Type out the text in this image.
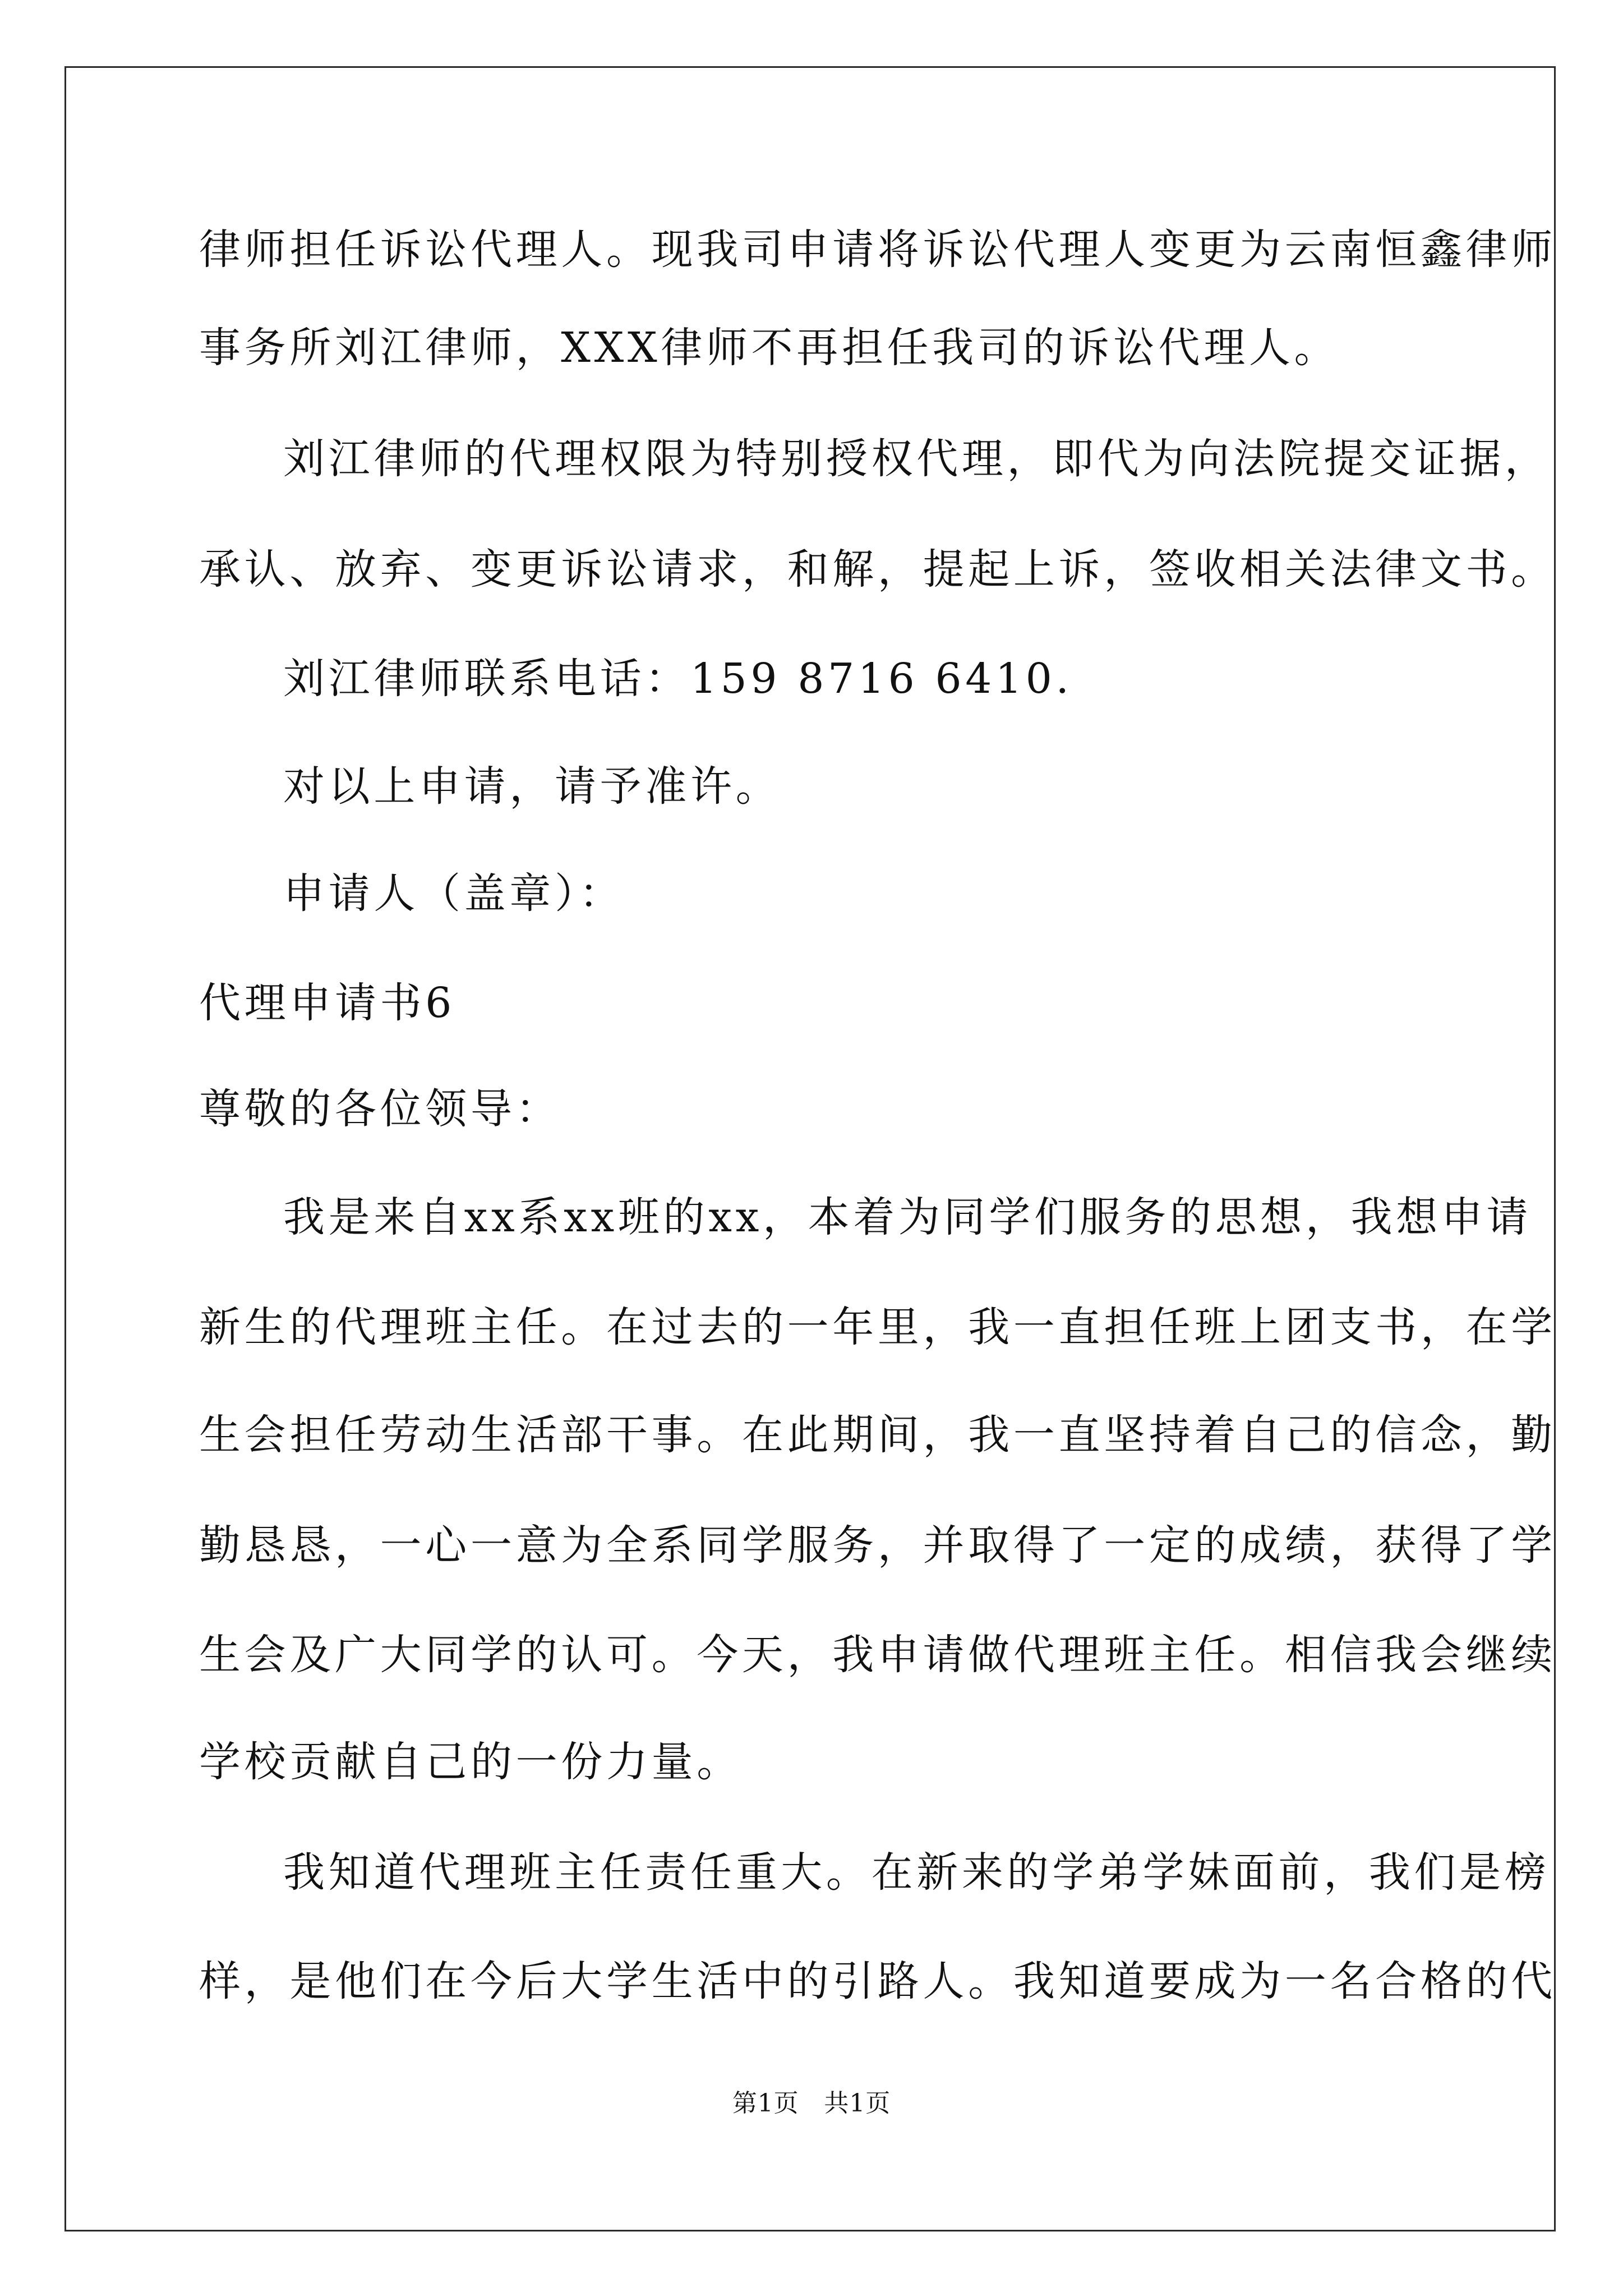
律师担任诉讼代理人。现我司申请将诉讼代理人变更为云南恒鑫律师
事务所刘江律师，XXX律师不再担任我司的诉讼代理人。
刘江律师的代理权限为特别授权代理，即代为向法院提交证据，
承认、放弃、变更诉讼请求，和解，提起上诉，签收相关法律文书。
刘江律师联系电话：159 8716 6410.
对以上申请，请予准许。
申请人（盖章）：
代理申请书6
尊敬的各位领导：
我是来自xx系xx班的xx，本着为同学们服务的思想，我想申请
新生的代理班主任。在过去的一年里，我一直担任班上团支书，在学
生会担任劳动生活部干事。在此期间，我一直坚持着自己的信念，勤
勤恳恳，一心一意为全系同学服务，并取得了一定的成绩，获得了学
生会及广大同学的认可。今天，我申请做代理班主任。相信我会继续
学校贡献自己的一份力量。
我知道代理班主任责任重大。在新来的学弟学妹面前，我们是榜
样，是他们在今后大学生活中的引路人。我知道要成为一名合格的代
第1页　共1页
